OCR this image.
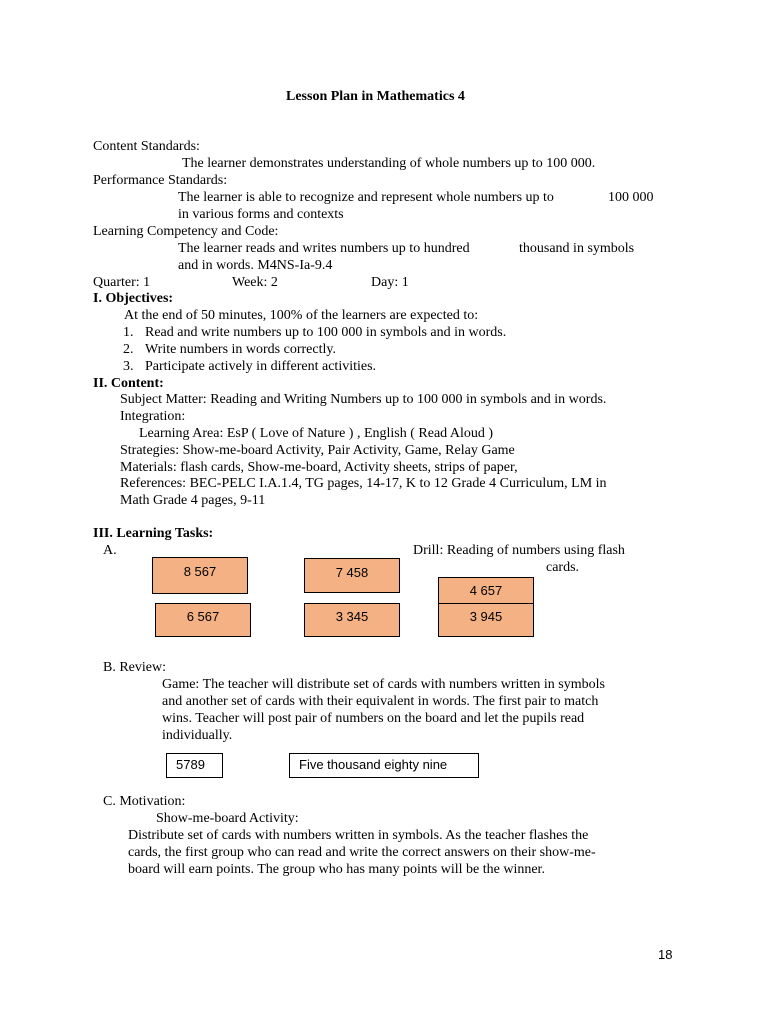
Lesson Plan in Mathematics 4
Content Standards:
The learner demonstrates understanding of whole numbers up to 100 000.
Performance Standards:
The learner is able to recognize and represent whole numbers up to	100 000
in various forms and contexts
Learning Competency and Code:
The learner reads and writes numbers up to hundred	thousand in symbols
and in words. M4NS-Ia-9.4
Quarter: 1	Week: 2	Day: 1
I. Objectives:
At the end of 50 minutes, 100% of the learners are expected to:
1. Read and write numbers up to 100 000 in symbols and in words.
2. Write numbers in words correctly.
3. Participate actively in different activities.
II. Content:
Subject Matter: Reading and Writing Numbers up to 100 000 in symbols and in words.
Integration:
Learning Area: EsP ( Love of Nature ) , English ( Read Aloud )
Strategies: Show-me-board Activity, Pair Activity, Game, Relay Game
Materials: flash cards, Show-me-board, Activity sheets, strips of paper,
References: BEC-PELC I.A.1.4, TG pages, 14-17, K to 12 Grade 4 Curriculum, LM in
Math Grade 4 pages, 9-11
III. Learning Tasks:
A.	Drill: Reading of numbers using flash
cards.
8 567	7 458
4 657
6 567	3 345	3 945
B. Review:
Game: The teacher will distribute set of cards with numbers written in symbols
and another set of cards with their equivalent in words. The first pair to match
wins. Teacher will post pair of numbers on the board and let the pupils read
individually.
5789	Five thousand eighty nine
C. Motivation:
Show-me-board Activity:
Distribute set of cards with numbers written in symbols. As the teacher flashes the
cards, the first group who can read and write the correct answers on their show-me-
board will earn points. The group who has many points will be the winner.
18
